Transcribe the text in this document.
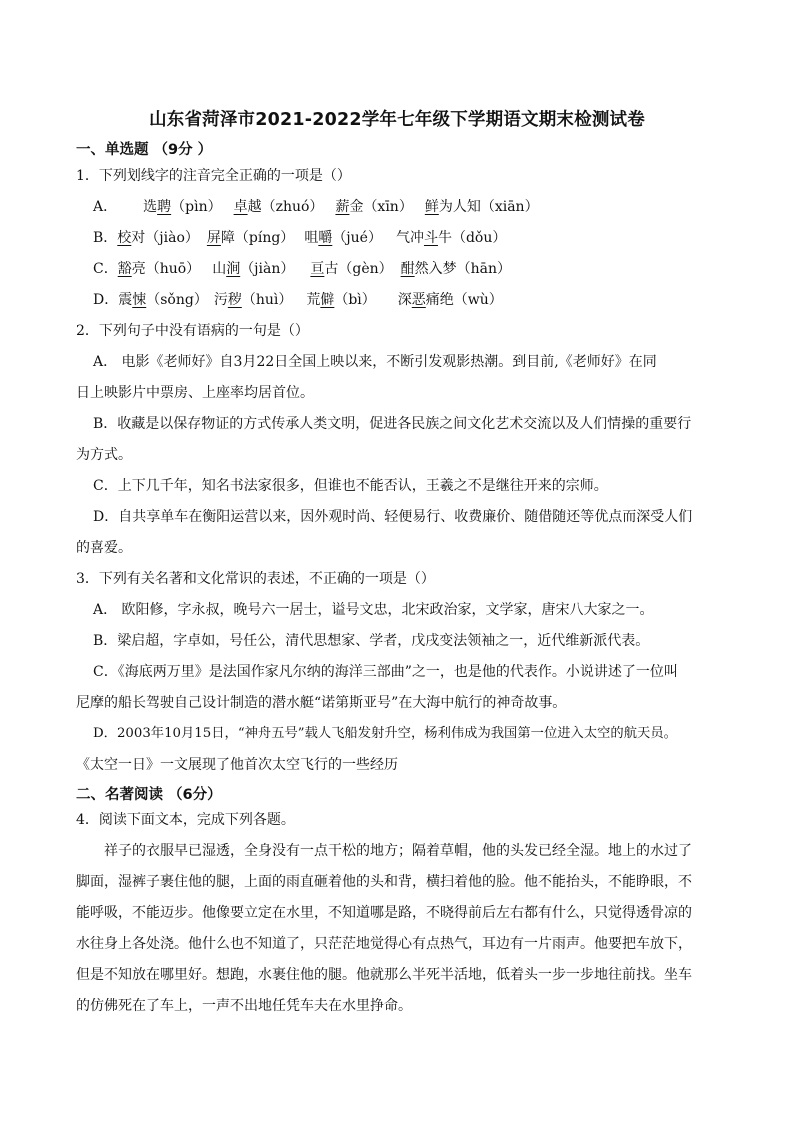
山东省菏泽市2021-2022学年七年级下学期语文期末检测试卷
一、单选题 （9分 ）
1．下列划线字的注音完全正确的一项是（）
A． 选聘（pìn） 卓越（zhuó） 薪金（xīn） 鲜为人知（xiān）
B．校对（jiào） 屏障（píng） 咀嚼（jué） 气冲斗牛（dǒu）
C．豁亮（huō） 山涧（jiàn） 亘古（gèn） 酣然入梦（hān）
D．震悚（sǒng） 污秽（huì） 荒僻（bì） 深恶痛绝（wù）
2．下列句子中没有语病的一句是（）
A． 电影《老师好》自3月22日全国上映以来，不断引发观影热潮。到目前,《老师好》在同
日上映影片中票房、上座率均居首位。
B．收藏是以保存物证的方式传承人类文明，促进各民族之间文化艺术交流以及人们情操的重要行
为方式。
C．上下几千年，知名书法家很多，但谁也不能否认，王羲之不是继往开来的宗师。
D．自共享单车在衡阳运营以来，因外观时尚、轻便易行、收费廉价、随借随还等优点而深受人们
的喜爱。
3．下列有关名著和文化常识的表述，不正确的一项是（）
A． 欧阳修，字永叔，晚号六一居士，谥号文忠，北宋政治家，文学家，唐宋八大家之一。
B．梁启超，字卓如，号任公，清代思想家、学者，戊戌变法领袖之一，近代维新派代表。
C．《海底两万里》是法国作家凡尔纳的海洋三部曲”之一，也是他的代表作。小说讲述了一位叫
尼摩的船长驾驶自己设计制造的潜水艇“诺第斯亚号”在大海中航行的神奇故事。
D．2003年10月15日，“神舟五号”载人飞船发射升空，杨利伟成为我国第一位进入太空的航天员。
《太空一日》一文展现了他首次太空飞行的一些经历
二、名著阅读 （6分）
4．阅读下面文本，完成下列各题。
祥子的衣服早已湿透，全身没有一点干松的地方；隔着草帽，他的头发已经全湿。地上的水过了
脚面，湿裤子裹住他的腿，上面的雨直砸着他的头和背，横扫着他的脸。他不能抬头，不能睁眼，不
能呼吸，不能迈步。他像要立定在水里，不知道哪是路，不晓得前后左右都有什么，只觉得透骨凉的
水往身上各处浇。他什么也不知道了，只茫茫地觉得心有点热气，耳边有一片雨声。他要把车放下，
但是不知放在哪里好。想跑，水裹住他的腿。他就那么半死半活地，低着头一步一步地往前找。坐车
的仿佛死在了车上，一声不出地任凭车夫在水里挣命。
